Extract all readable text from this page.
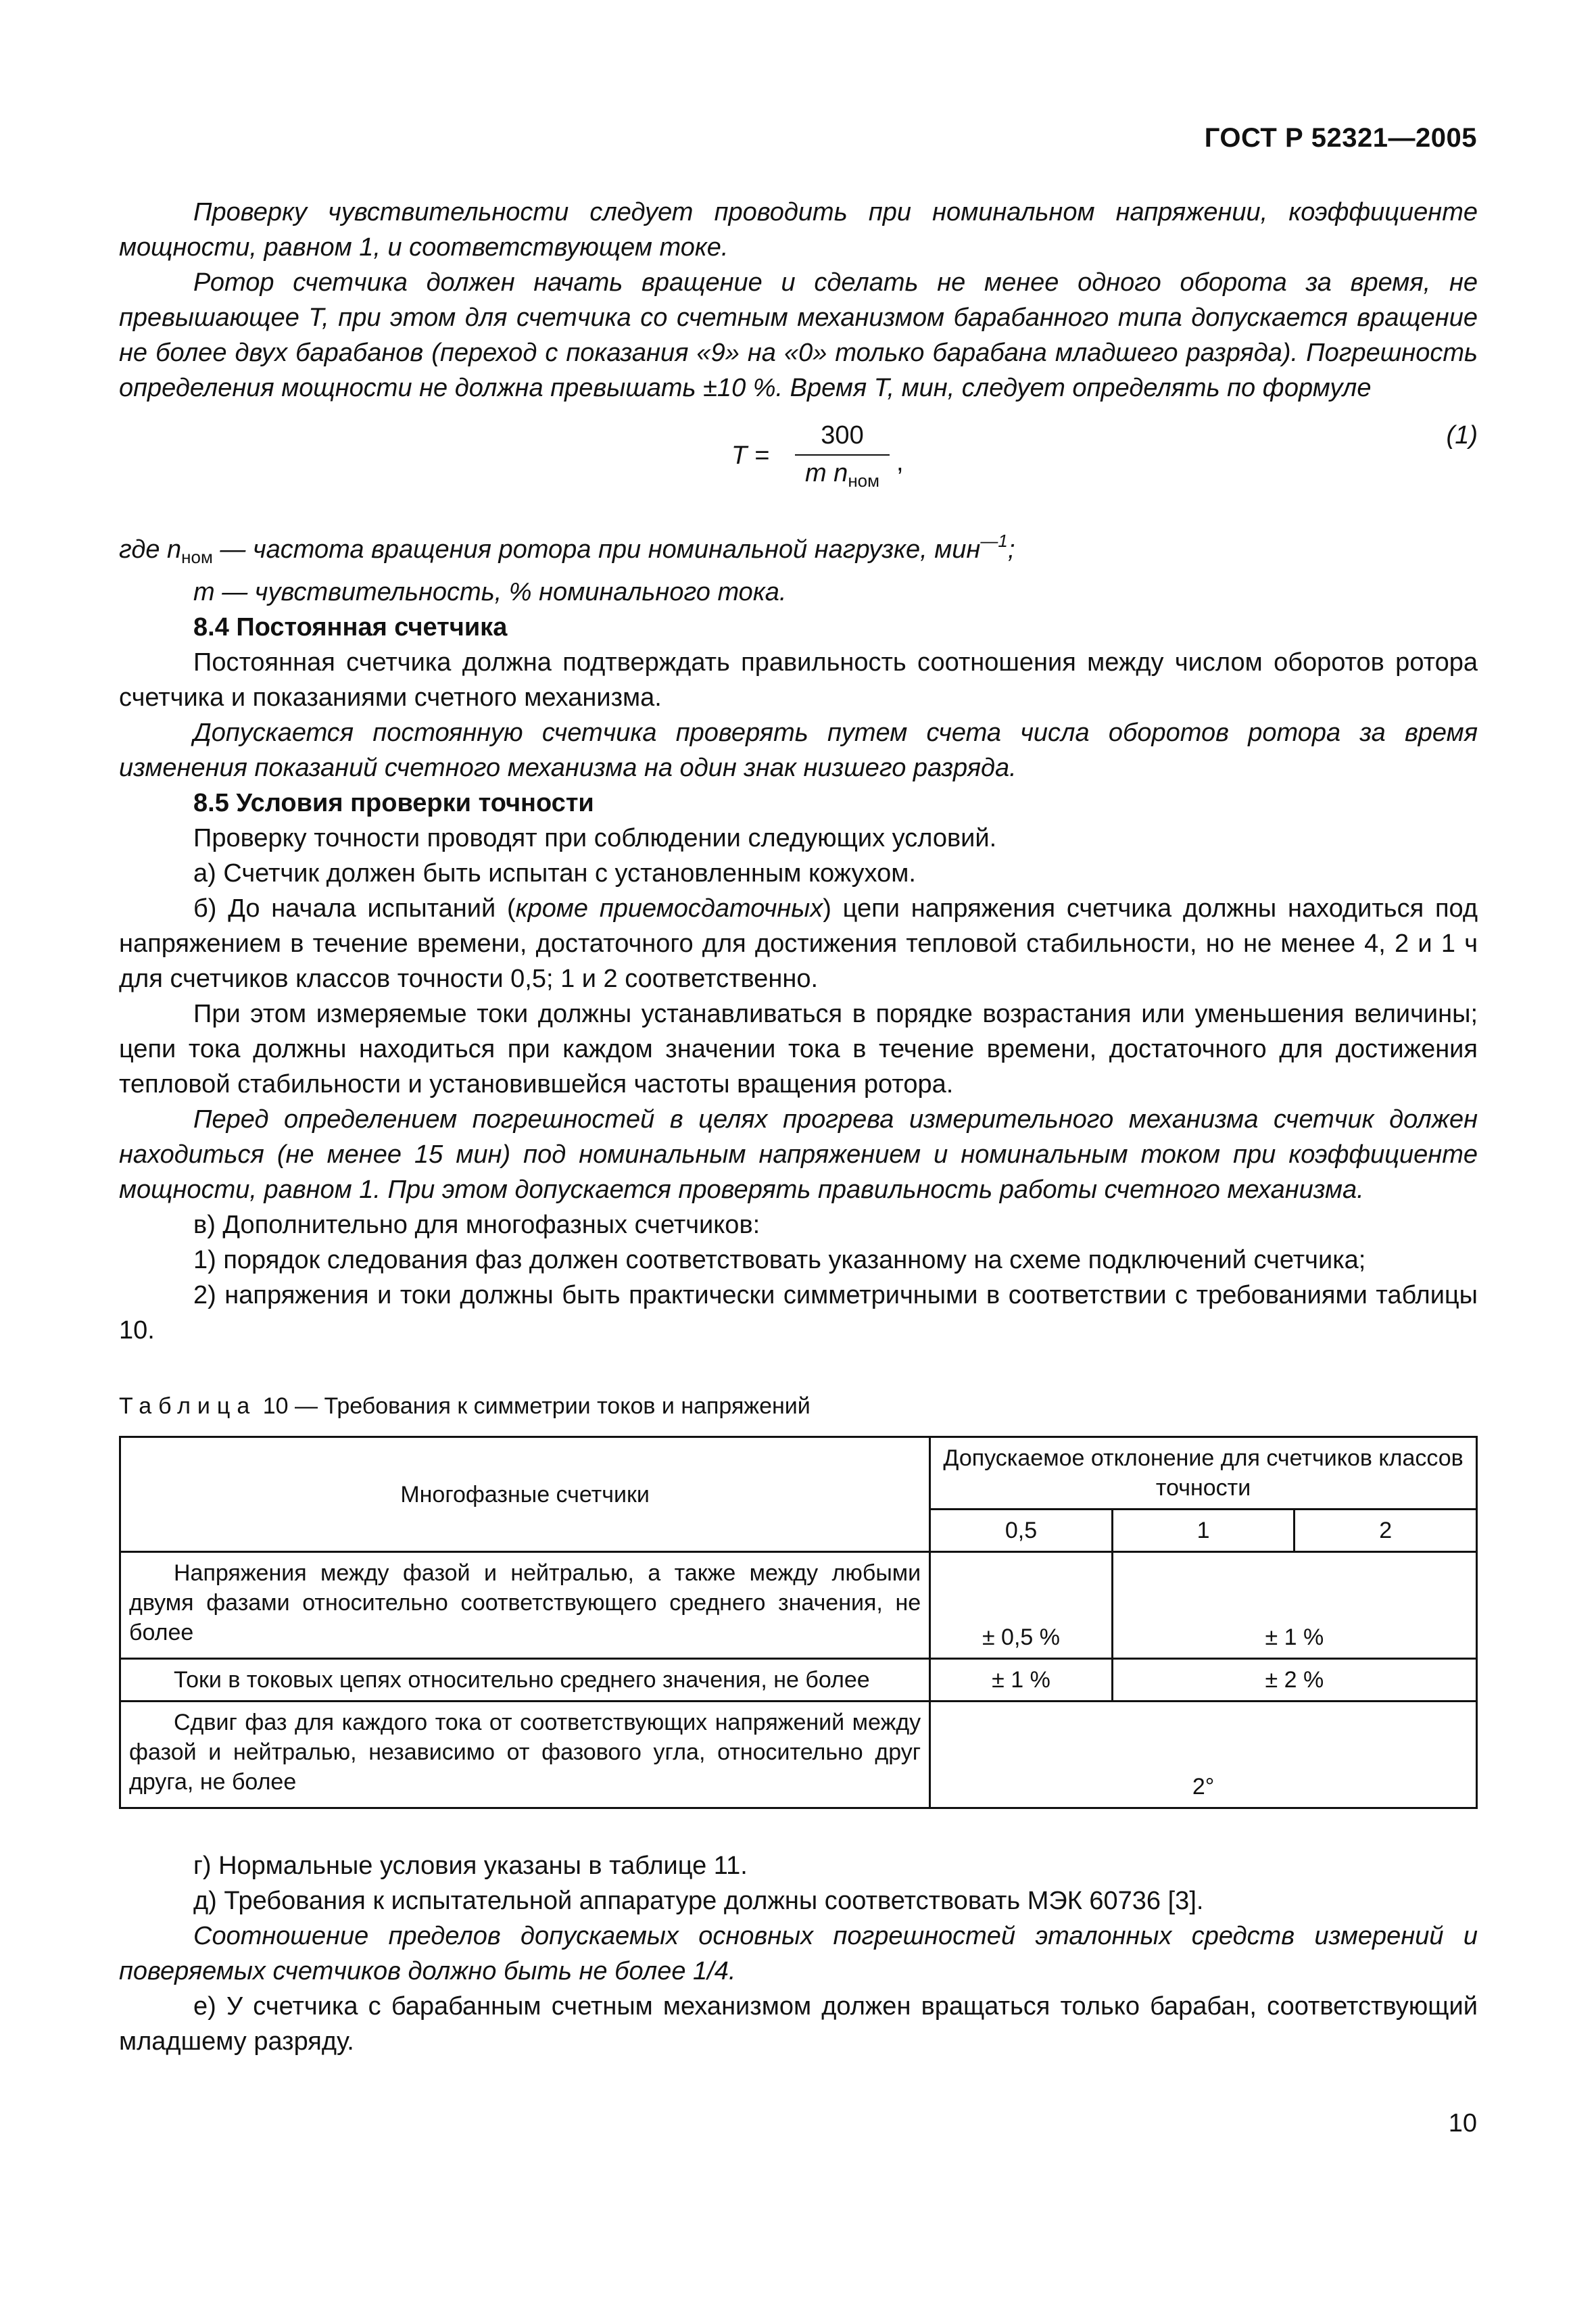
ГОСТ Р 52321—2005

Проверку чувствительности следует проводить при номинальном напряжении, коэффициенте мощности, равном 1, и соответствующем токе.

Ротор счетчика должен начать вращение и сделать не менее одного оборота за время, не превышающее T, при этом для счетчика со счетным механизмом барабанного типа допускается вращение не более двух барабанов (переход с показания «9» на «0» только барабана младшего разряда). Погрешность определения мощности не должна превышать ±10 %. Время T, мин, следует определять по формуле

T =
300
m $n_{ном}$
,
(1)

где $n_{ном}$ — частота вращения ротора при номинальной нагрузке, мин$^{—1}$;

m — чувствительность, % номинального тока.

8.4 Постоянная счетчика

Постоянная счетчика должна подтверждать правильность соотношения между числом оборотов ротора счетчика и показаниями счетного механизма.

Допускается постоянную счетчика проверять путем счета числа оборотов ротора за время изменения показаний счетного механизма на один знак низшего разряда.

8.5 Условия проверки точности

Проверку точности проводят при соблюдении следующих условий.

а) Счетчик должен быть испытан с установленным кожухом.

б) До начала испытаний (кроме приемосдаточных) цепи напряжения счетчика должны находиться под напряжением в течение времени, достаточного для достижения тепловой стабильности, но не менее 4, 2 и 1 ч для счетчиков классов точности 0,5; 1 и 2 соответственно.

При этом измеряемые токи должны устанавливаться в порядке возрастания или уменьшения величины; цепи тока должны находиться при каждом значении тока в течение времени, достаточного для достижения тепловой стабильности и установившейся частоты вращения ротора.

Перед определением погрешностей в целях прогрева измерительного механизма счетчик должен находиться (не менее 15 мин) под номинальным напряжением и номинальным током при коэффициенте мощности, равном 1. При этом допускается проверять правильность работы счетного механизма.

в) Дополнительно для многофазных счетчиков:

1) порядок следования фаз должен соответствовать указанному на схеме подключений счетчика;

2) напряжения и токи должны быть практически симметричными в соответствии с требованиями таблицы 10.

Таблица 10 — Требования к симметрии токов и напряжений

Многофазные счетчики	Допускаемое отклонение для счетчиков классов точности		
	0,5	1	2
Напряжения между фазой и нейтралью, а также между любыми двумя фазами относительно соответствующего среднего значения, не более	± 0,5 %	± 1 %	
Токи в токовых цепях относительно среднего значения, не более	± 1 %	± 2 %	
Сдвиг фаз для каждого тока от соответствующих напряжений между фазой и нейтралью, независимо от фазового угла, относительно друг друга, не более	2°		

г) Нормальные условия указаны в таблице 11.

д) Требования к испытательной аппаратуре должны соответствовать МЭК 60736 [3].

Соотношение пределов допускаемых основных погрешностей эталонных средств измерений и поверяемых счетчиков должно быть не более 1/4.

е) У счетчика с барабанным счетным механизмом должен вращаться только барабан, соответствующий младшему разряду.

10
